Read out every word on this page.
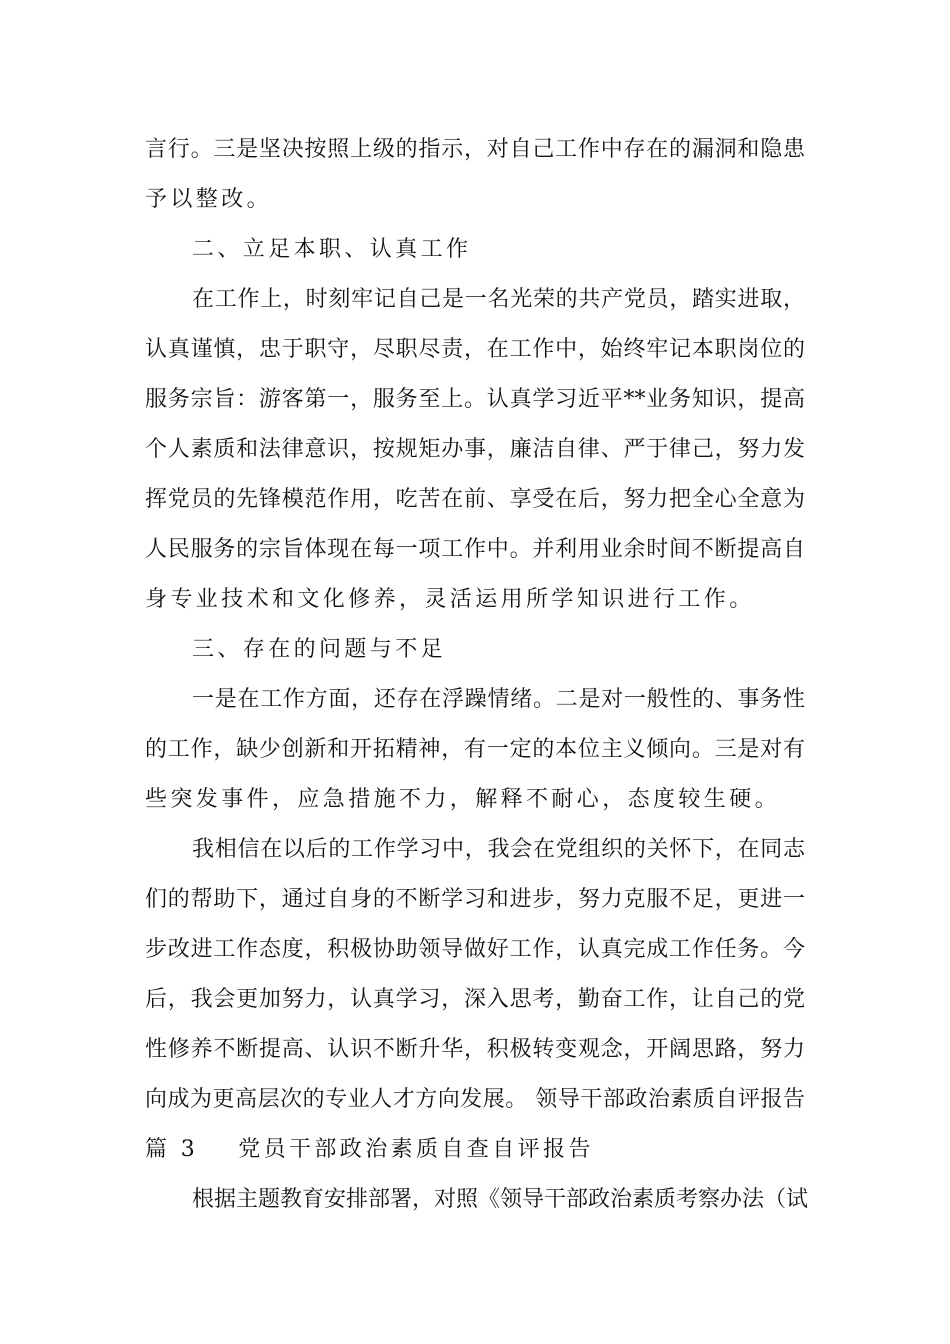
言行。三是坚决按照上级的指示，对自己工作中存在的漏洞和隐患
予以整改。
二、立足本职、认真工作
在工作上，时刻牢记自己是一名光荣的共产党员，踏实进取，
认真谨慎，忠于职守，尽职尽责，在工作中，始终牢记本职岗位的
服务宗旨：游客第一，服务至上。认真学习近平**业务知识，提高
个人素质和法律意识，按规矩办事，廉洁自律、严于律己，努力发
挥党员的先锋模范作用，吃苦在前、享受在后，努力把全心全意为
人民服务的宗旨体现在每一项工作中。并利用业余时间不断提高自
身专业技术和文化修养，灵活运用所学知识进行工作。
三、存在的问题与不足
一是在工作方面，还存在浮躁情绪。二是对一般性的、事务性
的工作，缺少创新和开拓精神，有一定的本位主义倾向。三是对有
些突发事件，应急措施不力，解释不耐心，态度较生硬。
我相信在以后的工作学习中，我会在党组织的关怀下，在同志
们的帮助下，通过自身的不断学习和进步，努力克服不足，更进一
步改进工作态度，积极协助领导做好工作，认真完成工作任务。今
后，我会更加努力，认真学习，深入思考，勤奋工作，让自己的党
性修养不断提高、认识不断升华，积极转变观念，开阔思路，努力
向成为更高层次的专业人才方向发展。 领导干部政治素质自评报告
篇 3 党员干部政治素质自查自评报告
根据主题教育安排部署，对照《领导干部政治素质考察办法（试
